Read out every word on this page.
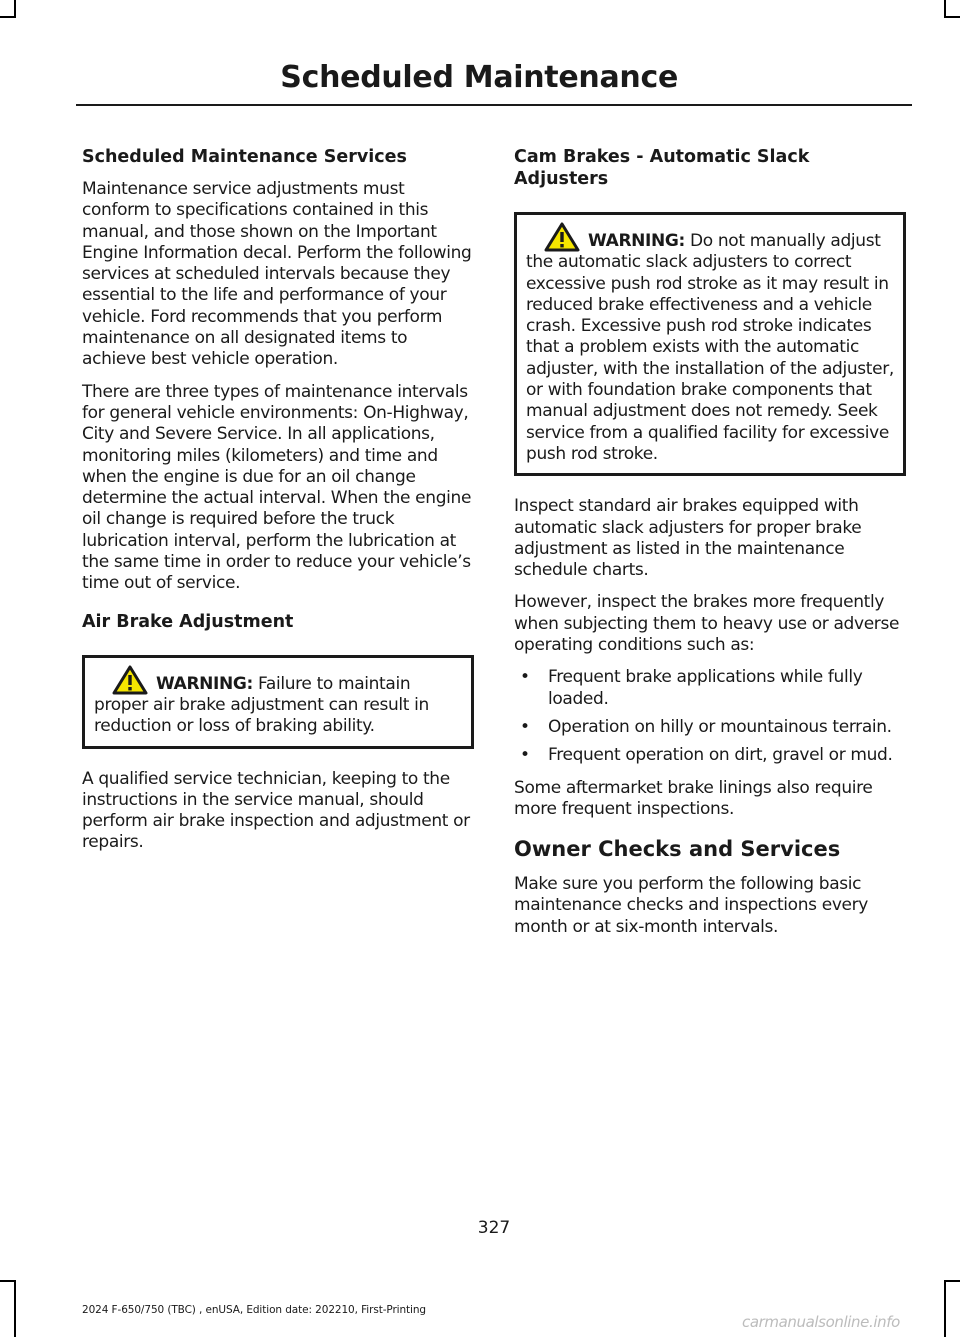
Scheduled Maintenance
Scheduled Maintenance Services

Maintenance service adjustments must conform to specifications contained in this manual, and those shown on the Important Engine Information decal. Perform the following services at scheduled intervals because they essential to the life and performance of your vehicle. Ford recommends that you perform maintenance on all designated items to achieve best vehicle operation.

There are three types of maintenance intervals for general vehicle environments: On-Highway, City and Severe Service. In all applications, monitoring miles (kilometers) and time and when the engine is due for an oil change determine the actual interval. When the engine oil change is required before the truck lubrication interval, perform the lubrication at the same time in order to reduce your vehicle’s time out of service.

Air Brake Adjustment
WARNING: Failure to maintain proper air brake adjustment can result in reduction or loss of braking ability.

A qualified service technician, keeping to the instructions in the service manual, should perform air brake inspection and adjustment or repairs.

Cam Brakes - Automatic Slack Adjusters
WARNING: Do not manually adjust the automatic slack adjusters to correct excessive push rod stroke as it may result in reduced brake effectiveness and a vehicle crash. Excessive push rod stroke indicates that a problem exists with the automatic adjuster, with the installation of the adjuster, or with foundation brake components that manual adjustment does not remedy. Seek service from a qualified facility for excessive push rod stroke.

Inspect standard air brakes equipped with automatic slack adjusters for proper brake adjustment as listed in the maintenance schedule charts.

However, inspect the brakes more frequently when subjecting them to heavy use or adverse operating conditions such as:

• Frequent brake applications while fully loaded.
• Operation on hilly or mountainous terrain.
• Frequent operation on dirt, gravel or mud.

Some aftermarket brake linings also require more frequent inspections.

Owner Checks and Services

Make sure you perform the following basic maintenance checks and inspections every month or at six-month intervals.

327
2024 F-650/750 (TBC) , enUSA, Edition date: 202210, First-Printing
carmanualsonline.info
